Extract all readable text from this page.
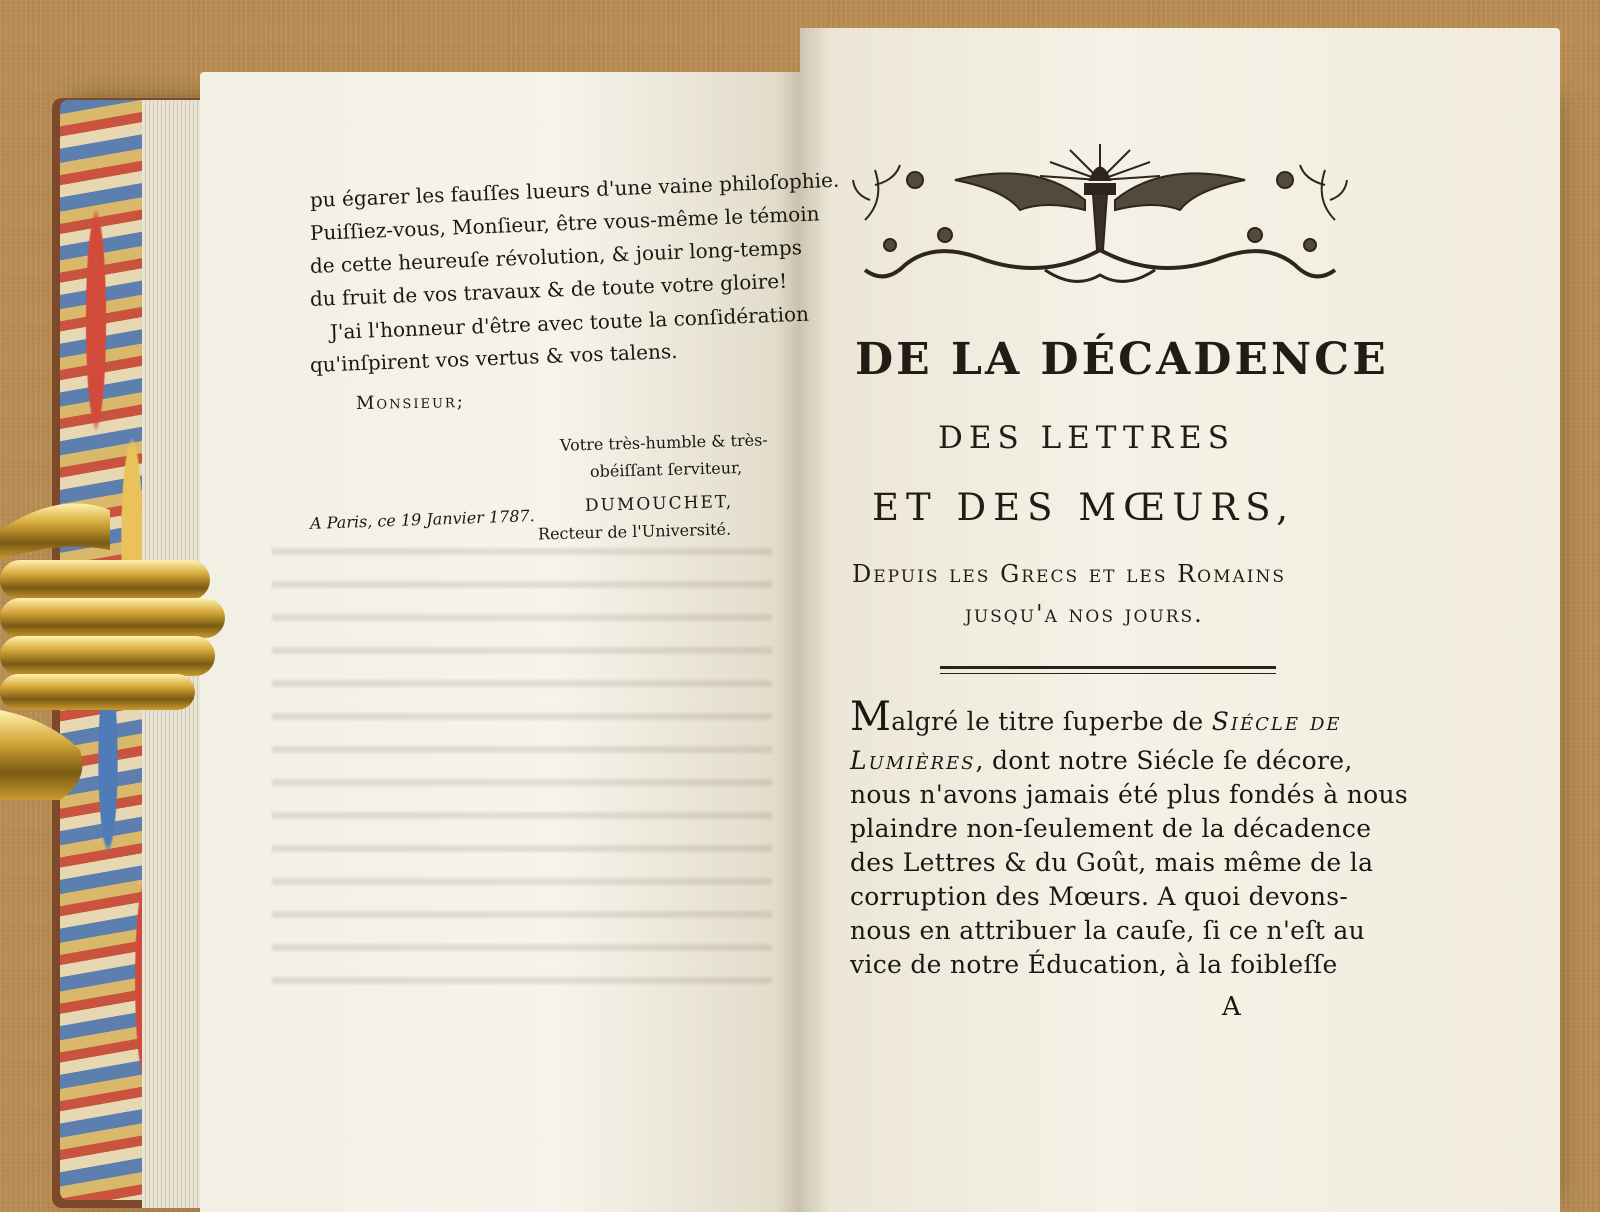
pu égarer les fauſſes lueurs d'une vaine philoſophie.
Puiſſiez-vous, Monſieur, être vous-même le témoin
de cette heureuſe révolution, & jouir long-temps
du fruit de vos travaux & de toute votre gloire!
J'ai l'honneur d'être avec toute la conſidération
qu'inſpirent vos vertus & vos talens.
Monsieur;
Votre très-humble & très-
obéiſſant ſerviteur,
A Paris, ce 19 Janvier 1787.
DUMOUCHET,
Recteur de l'Université.
DE LA DÉCADENCE
DES LETTRES
ET DES MŒURS,
Depuis les Grecs et les Romains
jusqu'a nos jours.
Malgré le titre ſuperbe de Siécle de
Lumières, dont notre Siécle ſe décore,
nous n'avons jamais été plus fondés à nous
plaindre non-ſeulement de la décadence
des Lettres & du Goût, mais même de la
corruption des Mœurs. A quoi devons-
nous en attribuer la cauſe, ſi ce n'eſt au
vice de notre Éducation, à la foibleſſe
A
